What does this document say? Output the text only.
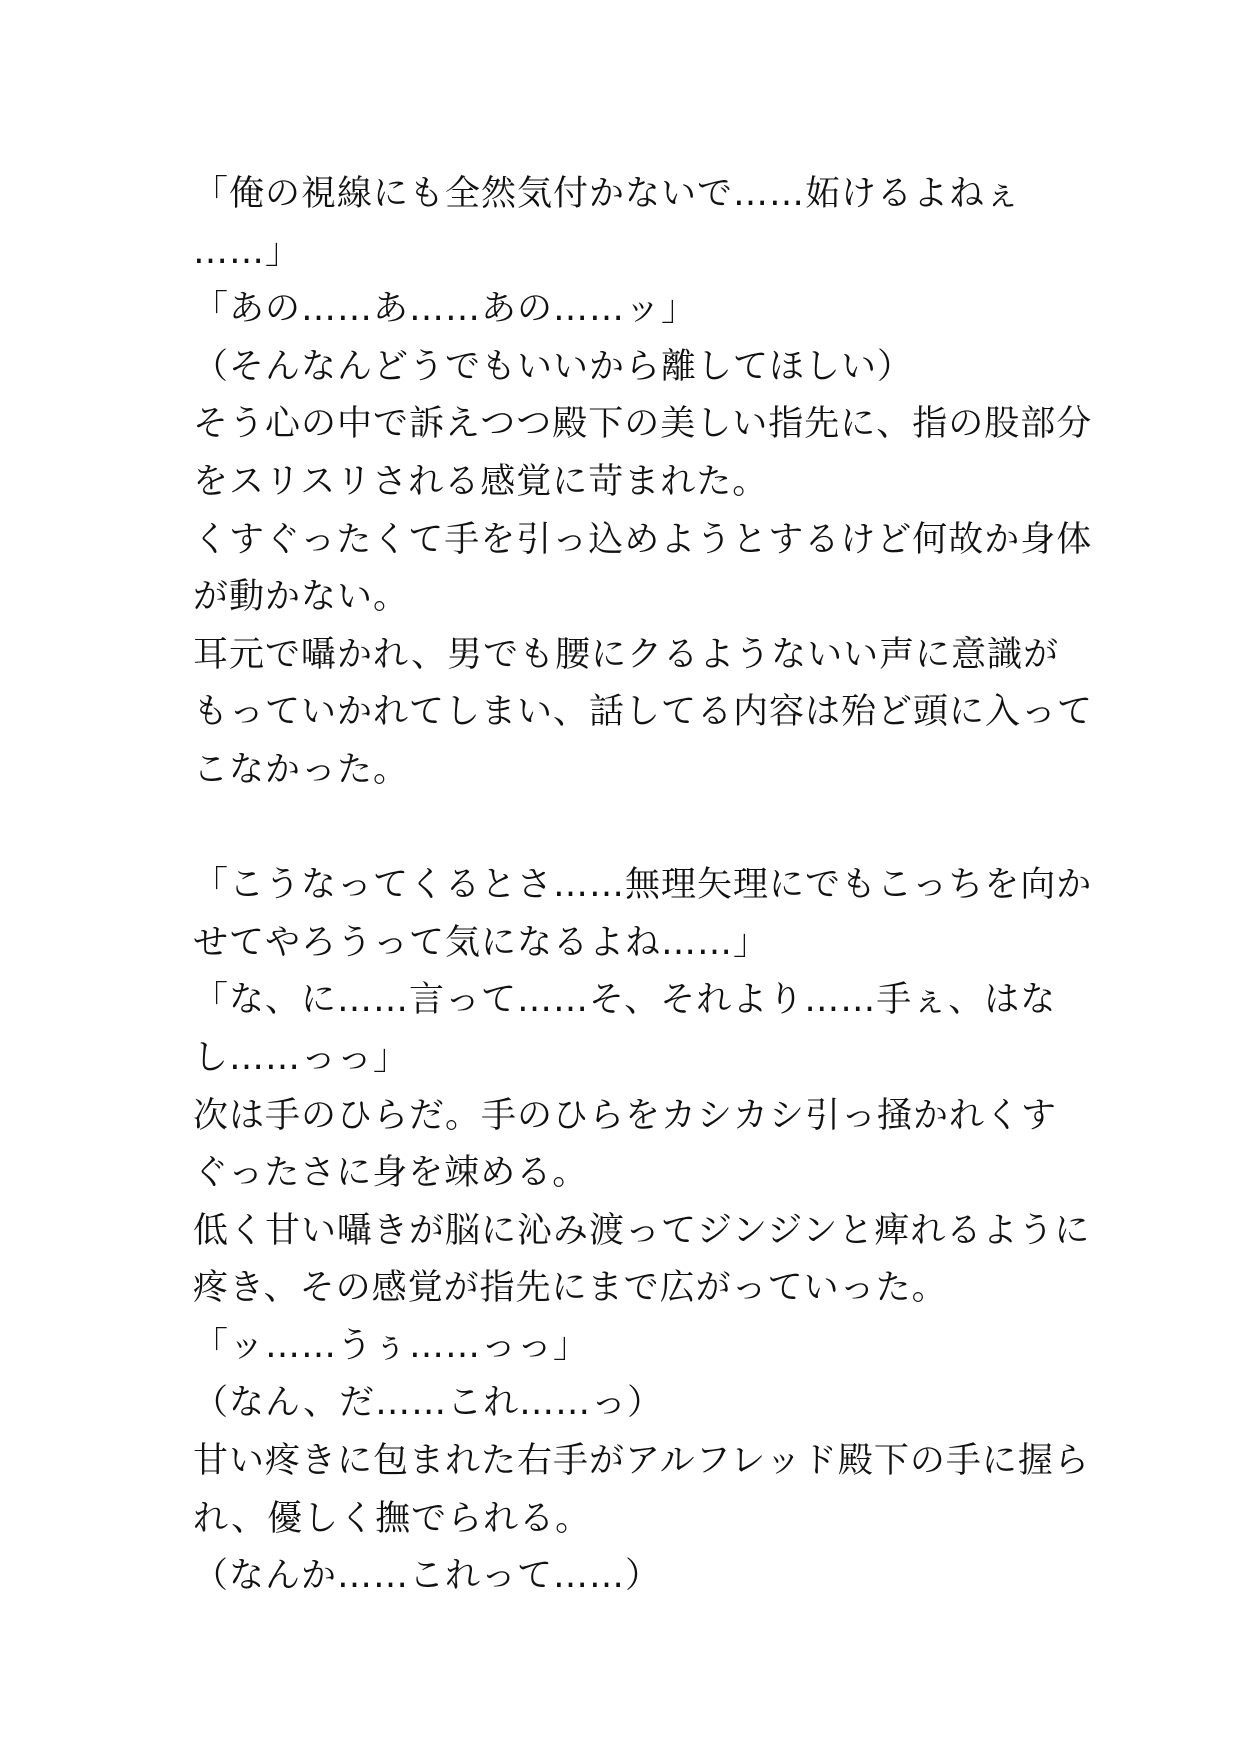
「俺の視線にも全然気付かないで……妬けるよねぇ
……」
「あの……あ……あの……ッ」
（そんなんどうでもいいから離してほしい）
そう心の中で訴えつつ殿下の美しい指先に、指の股部分
をスリスリされる感覚に苛まれた。
くすぐったくて手を引っ込めようとするけど何故か身体
が動かない。
耳元で囁かれ、男でも腰にクるようないい声に意識が
もっていかれてしまい、話してる内容は殆ど頭に入って
こなかった。
「こうなってくるとさ……無理矢理にでもこっちを向か
せてやろうって気になるよね……」
「な、に……言って……そ、それより……手ぇ、はな
し……っっ」
次は手のひらだ。手のひらをカシカシ引っ掻かれくす
ぐったさに身を竦める。
低く甘い囁きが脳に沁み渡ってジンジンと痺れるように
疼き、その感覚が指先にまで広がっていった。
「ッ……うぅ……っっ」
（なん、だ……これ……っ）
甘い疼きに包まれた右手がアルフレッド殿下の手に握ら
れ、優しく撫でられる。
（なんか……これって……）
